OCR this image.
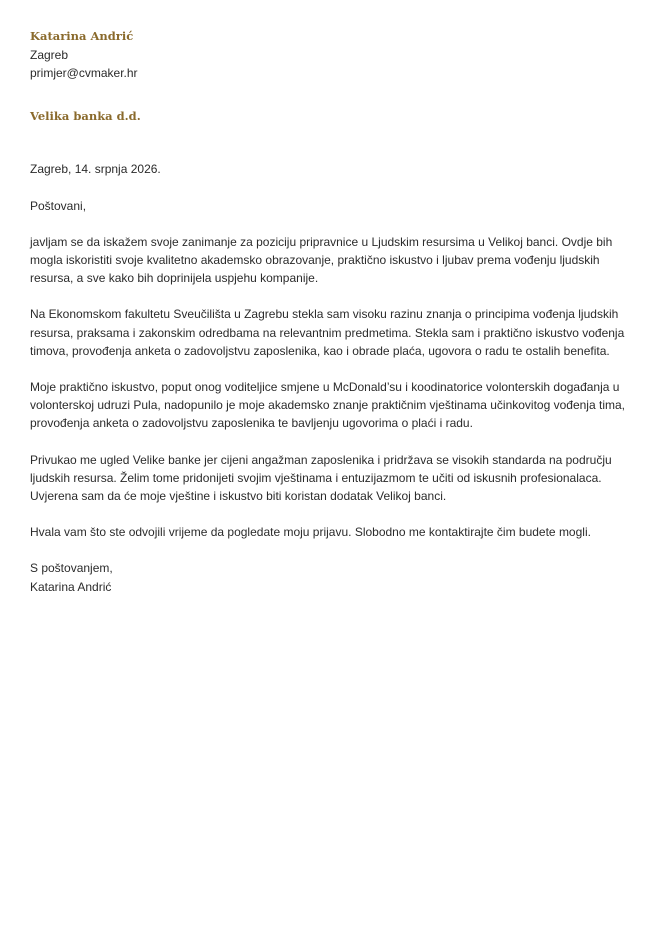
Katarina Andrić

Zagreb

primjer@cvmaker.hr

Velika banka d.d.

Zagreb, 14. srpnja 2026.

Poštovani,

javljam se da iskažem svoje zanimanje za poziciju pripravnice u Ljudskim resursima u Velikoj banci. Ovdje bih mogla iskoristiti svoje kvalitetno akademsko obrazovanje, praktično iskustvo i ljubav prema vođenju ljudskih resursa, a sve kako bih doprinijela uspjehu kompanije.

Na Ekonomskom fakultetu Sveučilišta u Zagrebu stekla sam visoku razinu znanja o principima vođenja ljudskih resursa, praksama i zakonskim odredbama na relevantnim predmetima. Stekla sam i praktično iskustvo vođenja timova, provođenja anketa o zadovoljstvu zaposlenika, kao i obrade plaća, ugovora o radu te ostalih benefita.

Moje praktično iskustvo, poput onog voditeljice smjene u McDonald’su i koodinatorice volonterskih događanja u volonterskoj udruzi Pula, nadopunilo je moje akademsko znanje praktičnim vještinama učinkovitog vođenja tima, provođenja anketa o zadovoljstvu zaposlenika te bavljenju ugovorima o plaći i radu.

Privukao me ugled Velike banke jer cijeni angažman zaposlenika i pridržava se visokih standarda na području ljudskih resursa. Želim tome pridonijeti svojim vještinama i entuzijazmom te učiti od iskusnih profesionalaca. Uvjerena sam da će moje vještine i iskustvo biti koristan dodatak Velikoj banci.

Hvala vam što ste odvojili vrijeme da pogledate moju prijavu. Slobodno me kontaktirajte čim budete mogli.

S poštovanjem,

Katarina Andrić
